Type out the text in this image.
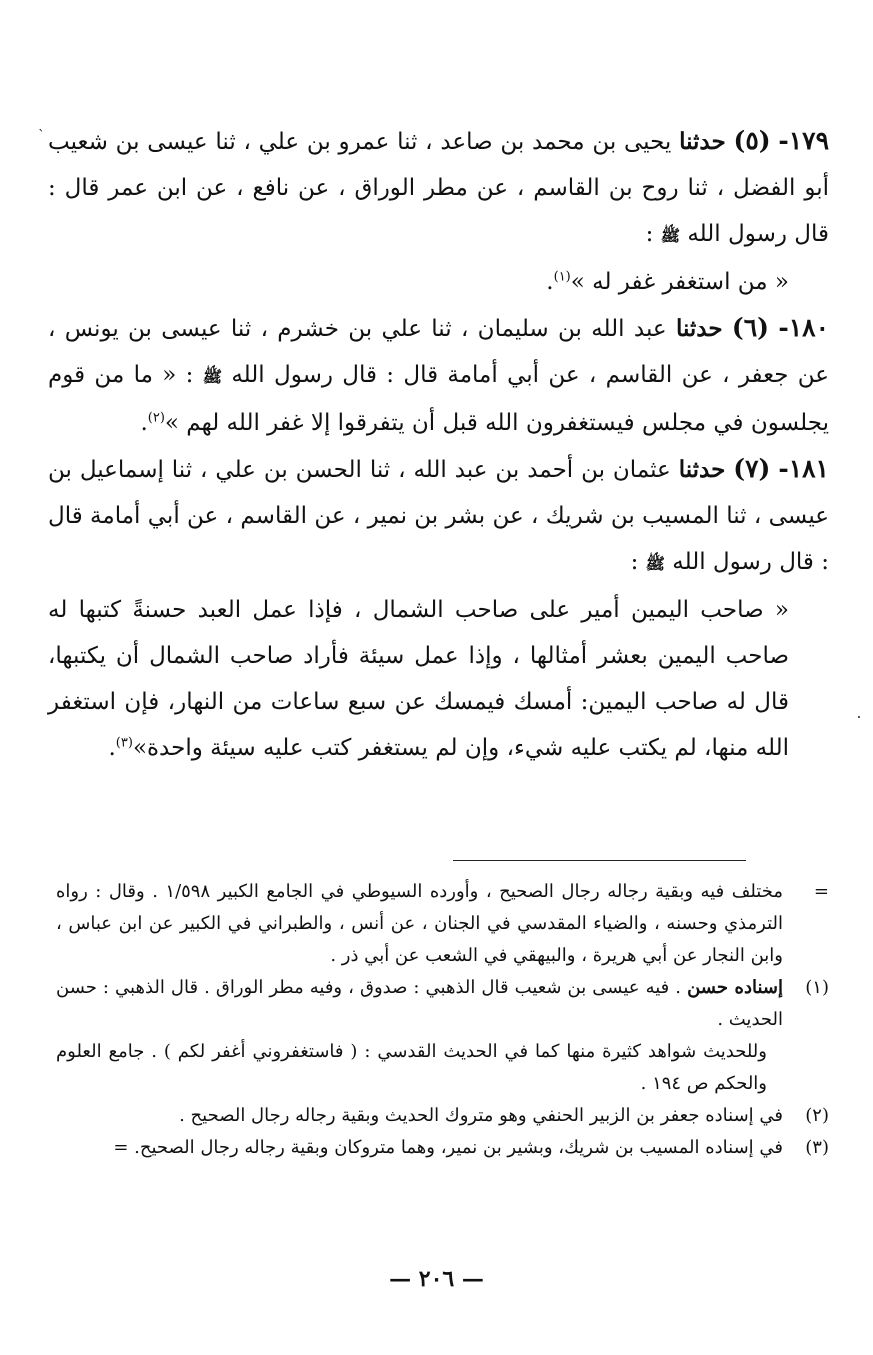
`	١٧٩- (٥) حدثنا يحيى بن محمد بن صاعد ، ثنا عمرو بن علي ، ثنا عيسى بن شعيب أبو الفضل ، ثنا روح بن القاسم ، عن مطر الوراق ، عن نافع ، عن ابن عمر قال : قال رسول الله ﷺ :

« من استغفر غفر له »$^{(١)}$.

١٨٠- (٦) حدثنا عبد الله بن سليمان ، ثنا علي بن خشرم ، ثنا عيسى بن يونس ، عن جعفر ، عن القاسم ، عن أبي أمامة قال : قال رسول الله ﷺ : « ما من قوم يجلسون في مجلس فيستغفرون الله قبل أن يتفرقوا إلا غفر الله لهم »$^{(٢)}$.

١٨١- (٧) حدثنا عثمان بن أحمد بن عبد الله ، ثنا الحسن بن علي ، ثنا إسماعيل بن عيسى ، ثنا المسيب بن شريك ، عن بشر بن نمير ، عن القاسم ، عن أبي أمامة قال : قال رسول الله ﷺ :

« صاحب اليمين أمير على صاحب الشمال ، فإذا عمل العبد حسنةً كتبها له صاحب اليمين بعشر أمثالها ، وإذا عمل سيئة فأراد صاحب الشمال أن يكتبها، قال له صاحب اليمين: أمسك فيمسك عن سبع ساعات من النهار، فإن استغفر الله منها، لم يكتب عليه شيء، وإن لم يستغفر كتب عليه سيئة واحدة»$^{(٣)}$.

=

مختلف فيه وبقية رجاله رجال الصحيح ، وأورده السيوطي في الجامع الكبير ١/٥٩٨ . وقال : رواه الترمذي وحسنه ، والضياء المقدسي في الجنان ، عن أنس ، والطبراني في الكبير عن ابن عباس ، وابن النجار عن أبي هريرة ، والبيهقي في الشعب عن أبي ذر .

(١)

إسناده حسن . فيه عيسى بن شعيب قال الذهبي : صدوق ، وفيه مطر الوراق . قال الذهبي : حسن الحديث .

وللحديث شواهد كثيرة منها كما في الحديث القدسي : ( فاستغفروني أغفر لكم ) . جامع العلوم والحكم ص ١٩٤ .

(٢)

في إسناده جعفر بن الزبير الحنفي وهو متروك الحديث وبقية رجاله رجال الصحيح .

(٣)

في إسناده المسيب بن شريك، وبشير بن نمير، وهما متروكان وبقية رجاله رجال الصحيح. =

— ٢٠٦ —
